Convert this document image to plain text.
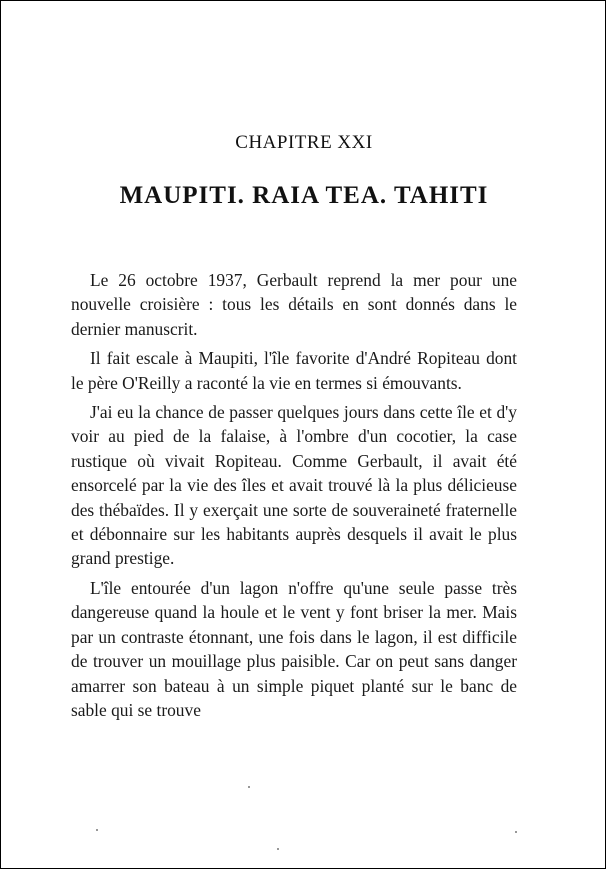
CHAPITRE XXI
MAUPITI. RAIA TEA. TAHITI

Le 26 octobre 1937, Gerbault reprend la mer pour une nouvelle croisière : tous les détails en sont donnés dans le dernier manuscrit.

Il fait escale à Maupiti, l'île favorite d'André Ropiteau dont le père O'Reilly a raconté la vie en termes si émouvants.

J'ai eu la chance de passer quelques jours dans cette île et d'y voir au pied de la falaise, à l'ombre d'un cocotier, la case rustique où vivait Ropiteau. Comme Gerbault, il avait été ensorcelé par la vie des îles et avait trouvé là la plus délicieuse des thébaïdes. Il y exerçait une sorte de souveraineté fraternelle et débonnaire sur les habitants auprès desquels il avait le plus grand prestige.

L'île entourée d'un lagon n'offre qu'une seule passe très dangereuse quand la houle et le vent y font briser la mer. Mais par un contraste étonnant, une fois dans le lagon, il est difficile de trouver un mouillage plus paisible. Car on peut sans danger amarrer son bateau à un simple piquet planté sur le banc de sable qui se trouve
